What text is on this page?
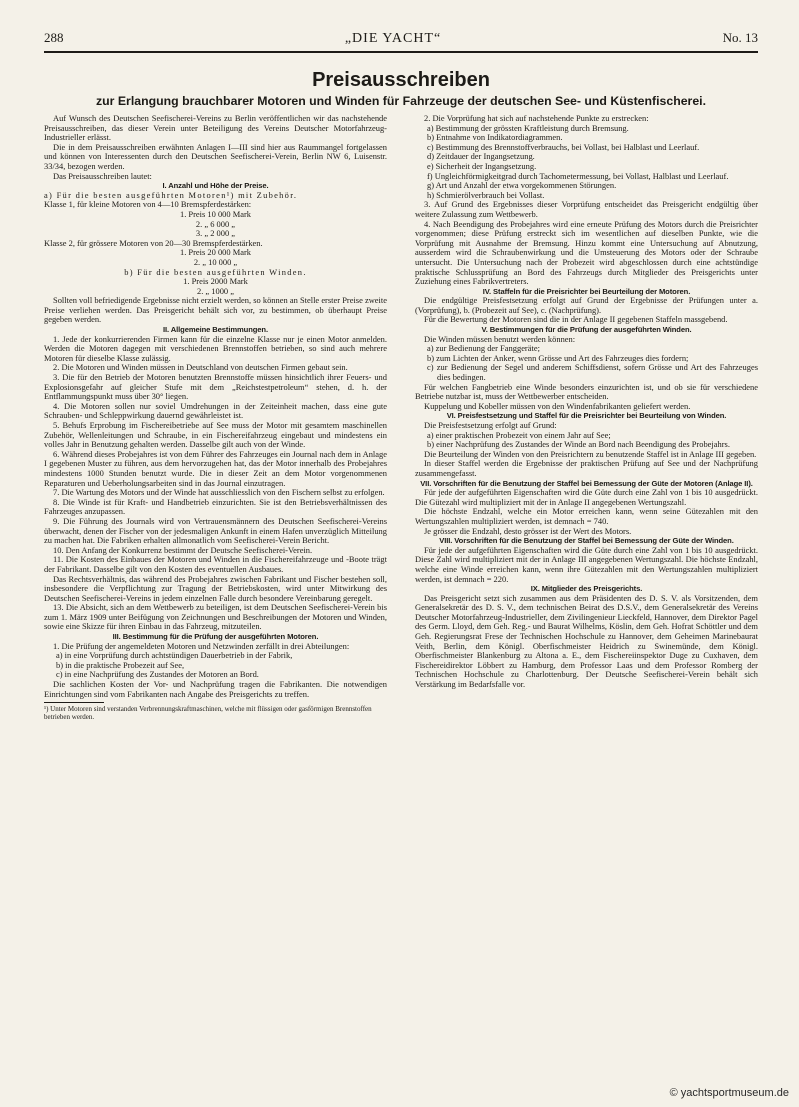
288	„DIE YACHT“	No. 13
Preisausschreiben
zur Erlangung brauchbarer Motoren und Winden für Fahrzeuge der deutschen See- und Küstenfischerei.

Auf Wunsch des Deutschen Seefischerei-Vereins zu Berlin veröffentlichen wir das nachstehende Preisausschreiben, das dieser Verein unter Beteiligung des Vereins Deutscher Motorfahrzeug-Industrieller erlässt.

Die in dem Preisausschreiben erwähnten Anlagen I—III sind hier aus Raummangel fortgelassen und können von Interessenten durch den Deutschen Seefischerei-Verein, Berlin NW 6, Luisenstr. 33/34, bezogen werden.

Das Preisausschreiben lautet:

I. Anzahl und Höhe der Preise.

a) Für die besten ausgeführten Motoren¹) mit Zubehör.

Klasse 1, für kleine Motoren von 4—10 Bremspferdestärken:

1. Preis 10 000 Mark

2. „ 6 000 „

3. „ 2 000 „

Klasse 2, für grössere Motoren von 20—30 Bremspferdestärken.

1. Preis 20 000 Mark

2. „ 10 000 „

b) Für die besten ausgeführten Winden.

1. Preis 2000 Mark

2. „ 1000 „

Sollten voll befriedigende Ergebnisse nicht erzielt werden, so können an Stelle erster Preise zweite Preise verliehen werden. Das Preisgericht behält sich vor, zu bestimmen, ob überhaupt Preise gegeben werden.

II. Allgemeine Bestimmungen.

1. Jede der konkurrierenden Firmen kann für die einzelne Klasse nur je einen Motor anmelden. Werden die Motoren dagegen mit verschiedenen Brennstoffen betrieben, so sind auch mehrere Motoren für dieselbe Klasse zulässig.

2. Die Motoren und Winden müssen in Deutschland von deutschen Firmen gebaut sein.

3. Die für den Betrieb der Motoren benutzten Brennstoffe müssen hinsichtlich ihrer Feuers- und Explosionsgefahr auf gleicher Stufe mit dem „Reichstestpetroleum“ stehen, d. h. der Entflammungspunkt muss über 30° liegen.

4. Die Motoren sollen nur soviel Umdrehungen in der Zeiteinheit machen, dass eine gute Schrauben- und Schleppwirkung dauernd gewährleistet ist.

5. Behufs Erprobung im Fischereibetriebe auf See muss der Motor mit gesamtem maschinellen Zubehör, Wellenleitungen und Schraube, in ein Fischereifahrzeug eingebaut und mindestens ein volles Jahr in Benutzung gehalten werden. Dasselbe gilt auch von der Winde.

6. Während dieses Probejahres ist von dem Führer des Fahrzeuges ein Journal nach dem in Anlage I gegebenen Muster zu führen, aus dem hervorzugehen hat, das der Motor innerhalb des Probejahres mindestens 1000 Stunden benutzt wurde. Die in dieser Zeit an dem Motor vorgenommenen Reparaturen und Ueberholungsarbeiten sind in das Journal einzutragen.

7. Die Wartung des Motors und der Winde hat ausschliesslich von den Fischern selbst zu erfolgen.

8. Die Winde ist für Kraft- und Handbetrieb einzurichten. Sie ist den Betriebsverhältnissen des Fahrzeuges anzupassen.

9. Die Führung des Journals wird von Vertrauensmännern des Deutschen Seefischerei-Vereins überwacht, denen der Fischer von der jedesmaligen Ankunft in einem Hafen unverzüglich Mitteilung zu machen hat. Die Fabriken erhalten allmonatlich vom Seefischerei-Verein Bericht.

10. Den Anfang der Konkurrenz bestimmt der Deutsche Seefischerei-Verein.

11. Die Kosten des Einbaues der Motoren und Winden in die Fischereifahrzeuge und -Boote trägt der Fabrikant. Dasselbe gilt von den Kosten des eventuellen Ausbaues.

Das Rechtsverhältnis, das während des Probejahres zwischen Fabrikant und Fischer bestehen soll, insbesondere die Verpflichtung zur Tragung der Betriebskosten, wird unter Mitwirkung des Deutschen Seefischerei-Vereins in jedem einzelnen Falle durch besondere Vereinbarung geregelt.

13. Die Absicht, sich an dem Wettbewerb zu beteiligen, ist dem Deutschen Seefischerei-Verein bis zum 1. März 1909 unter Beifügung von Zeichnungen und Beschreibungen der Motoren und Winden, sowie eine Skizze für ihren Einbau in das Fahrzeug, mitzuteilen.

III. Bestimmung für die Prüfung der ausgeführten Motoren.

1. Die Prüfung der angemeldeten Motoren und Netzwinden zerfällt in drei Abteilungen:

a) in eine Vorprüfung durch achtstündigen Dauerbetrieb in der Fabrik,

b) in die praktische Probezeit auf See,

c) in eine Nachprüfung des Zustandes der Motoren an Bord.

Die sachlichen Kosten der Vor- und Nachprüfung tragen die Fabrikanten. Die notwendigen Einrichtungen sind vom Fabrikanten nach Angabe des Preisgerichts zu treffen.

¹) Unter Motoren sind verstanden Verbrennungskraftmaschinen, welche mit flüssigen oder gasförmigen Brennstoffen betrieben werden.

2. Die Vorprüfung hat sich auf nachstehende Punkte zu erstrecken:

a) Bestimmung der grössten Kraftleistung durch Bremsung.

b) Entnahme von Indikatordiagrammen.

c) Bestimmung des Brennstoffverbrauchs, bei Vollast, bei Halblast und Leerlauf.

d) Zeitdauer der Ingangsetzung.

e) Sicherheit der Ingangsetzung.

f) Ungleichförmigkeitgrad durch Tachometermessung, bei Vollast, Halblast und Leerlauf.

g) Art und Anzahl der etwa vorgekommenen Störungen.

h) Schmierölverbrauch bei Vollast.

3. Auf Grund des Ergebnisses dieser Vorprüfung entscheidet das Preisgericht endgültig über weitere Zulassung zum Wettbewerb.

4. Nach Beendigung des Probejahres wird eine erneute Prüfung des Motors durch die Preisrichter vorgenommen; diese Prüfung erstreckt sich im wesentlichen auf dieselben Punkte, wie die Vorprüfung mit Ausnahme der Bremsung. Hinzu kommt eine Untersuchung auf Abnutzung, ausserdem wird die Schraubenwirkung und die Umsteuerung des Motors oder der Schraube untersucht. Die Untersuchung nach der Probezeit wird abgeschlossen durch eine achtstündige praktische Schlussprüfung an Bord des Fahrzeugs durch Mitglieder des Preisgerichts unter Zuziehung eines Fabrikvertreters.

IV. Staffeln für die Preisrichter bei Beurteilung der Motoren.

Die endgültige Preisfestsetzung erfolgt auf Grund der Ergebnisse der Prüfungen unter a. (Vorprüfung), b. (Probezeit auf See), c. (Nachprüfung).

Für die Bewertung der Motoren sind die in der Anlage II gegebenen Staffeln massgebend.

V. Bestimmungen für die Prüfung der ausgeführten Winden.

Die Winden müssen benutzt werden können:

a) zur Bedienung der Fanggeräte;

b) zum Lichten der Anker, wenn Grösse und Art des Fahrzeuges dies fordern;

c) zur Bedienung der Segel und anderem Schiffsdienst, sofern Grösse und Art des Fahrzeuges dies bedingen.

Für welchen Fangbetrieb eine Winde besonders einzurichten ist, und ob sie für verschiedene Betriebe nutzbar ist, muss der Wettbewerber entscheiden.

Kuppelung und Kobeller müssen von den Windenfabrikanten geliefert werden.

VI. Preisfestsetzung und Staffel für die Preisrichter bei Beurteilung von Winden.

Die Preisfestsetzung erfolgt auf Grund:

a) einer praktischen Probezeit von einem Jahr auf See;

b) einer Nachprüfung des Zustandes der Winde an Bord nach Beendigung des Probejahrs.

Die Beurteilung der Winden von den Preisrichtern zu benutzende Staffel ist in Anlage III gegeben.

In dieser Staffel werden die Ergebnisse der praktischen Prüfung auf See und der Nachprüfung zusammengefasst.

VII. Vorschriften für die Benutzung der Staffel bei Bemessung der Güte der Motoren (Anlage II).

Für jede der aufgeführten Eigenschaften wird die Güte durch eine Zahl von 1 bis 10 ausgedrückt. Die Gütezahl wird multipliziert mit der in Anlage II angegebenen Wertungszahl.

Die höchste Endzahl, welche ein Motor erreichen kann, wenn seine Gütezahlen mit den Wertungszahlen multipliziert werden, ist demnach = 740.

Je grösser die Endzahl, desto grösser ist der Wert des Motors.

VIII. Vorschriften für die Benutzung der Staffel bei Bemessung der Güte der Winden.

Für jede der aufgeführten Eigenschaften wird die Güte durch eine Zahl von 1 bis 10 ausgedrückt. Diese Zahl wird multipliziert mit der in Anlage III angegebenen Wertungszahl. Die höchste Endzahl, welche eine Winde erreichen kann, wenn ihre Gütezahlen mit den Wertungszahlen multipliziert werden, ist demnach = 220.

IX. Mitglieder des Preisgerichts.

Das Preisgericht setzt sich zusammen aus dem Präsidenten des D. S. V. als Vorsitzenden, dem Generalsekretär des D. S. V., dem technischen Beirat des D.S.V., dem Generalsekretär des Vereins Deutscher Motorfahrzeug-Industrieller, dem Zivilingenieur Lieckfeld, Hannover, dem Direktor Pagel des Germ. Lloyd, dem Geh. Reg.- und Baurat Wilhelms, Köslin, dem Geh. Hofrat Schöttler und dem Geh. Regierungsrat Frese der Technischen Hochschule zu Hannover, dem Geheimen Marinebaurat Veith, Berlin, dem Königl. Oberfischmeister Heidrich zu Swinemünde, dem Königl. Oberfischmeister Blankenburg zu Altona a. E., dem Fischereiinspektor Duge zu Cuxhaven, dem Fischereidirektor Löbbert zu Hamburg, dem Professor Laas und dem Professor Romberg der Technischen Hochschule zu Charlottenburg. Der Deutsche Seefischerei-Verein behält sich Verstärkung im Bedarfsfalle vor.

© yachtsportmuseum.de
